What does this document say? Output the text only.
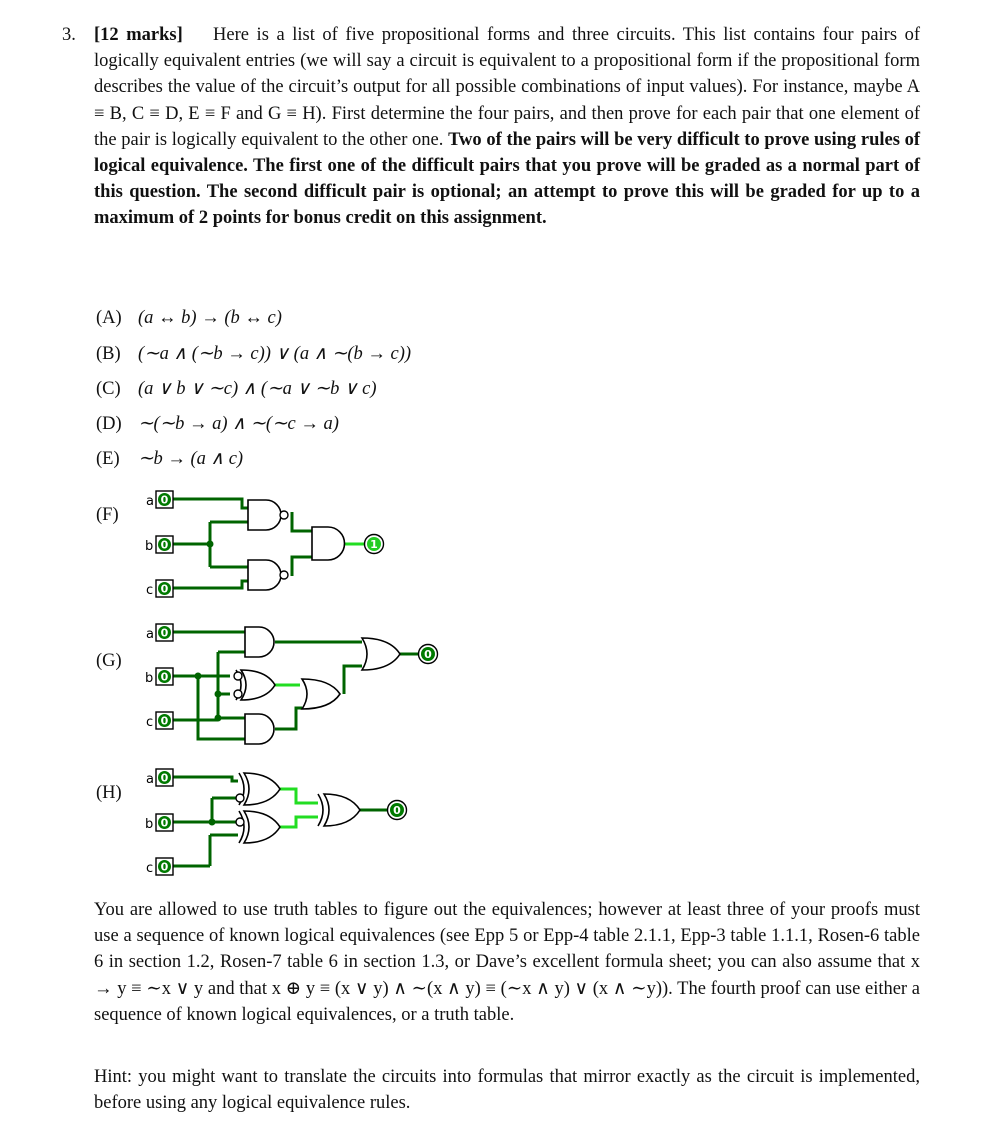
3. [12 marks] Here is a list of five propositional forms and three circuits. This list contains four pairs of logically equivalent entries (we will say a circuit is equivalent to a propositional form if the propositional form describes the value of the circuit’s output for all possible combinations of input values). For instance, maybe A ≡ B, C ≡ D, E ≡ F and G ≡ H). First determine the four pairs, and then prove for each pair that one element of the pair is logically equivalent to the other one. Two of the pairs will be very difficult to prove using rules of logical equivalence. The first one of the difficult pairs that you prove will be graded as a normal part of this question. The second difficult pair is optional; an attempt to prove this will be graded for up to a maximum of 2 points for bonus credit on this assignment.
(A) (a ↔ b) → (b ↔ c)
(B) (∼a ∧ (∼b → c)) ∨ (a ∧ ∼(b → c))
(C) (a ∨ b ∨ ∼c) ∧ (∼a ∨ ∼b ∨ c)
(D) ∼(∼b → a) ∧ ∼(∼c → a)
(E) ∼b → (a ∧ c)
(F)
(G)
(H)
a 0
b 0
c 0
1
a 0
b 0
c 0
0
a 0
b 0
c 0
0
You are allowed to use truth tables to figure out the equivalences; however at least three of your proofs must use a sequence of known logical equivalences (see Epp 5 or Epp-4 table 2.1.1, Epp-3 table 1.1.1, Rosen-6 table 6 in section 1.2, Rosen-7 table 6 in section 1.3, or Dave’s excellent formula sheet; you can also assume that x → y ≡ ∼x ∨ y and that x ⊕ y ≡ (x ∨ y) ∧ ∼(x ∧ y) ≡ (∼x ∧ y) ∨ (x ∧ ∼y)). The fourth proof can use either a sequence of known logical equivalences, or a truth table.
Hint: you might want to translate the circuits into formulas that mirror exactly as the circuit is implemented, before using any logical equivalence rules.
